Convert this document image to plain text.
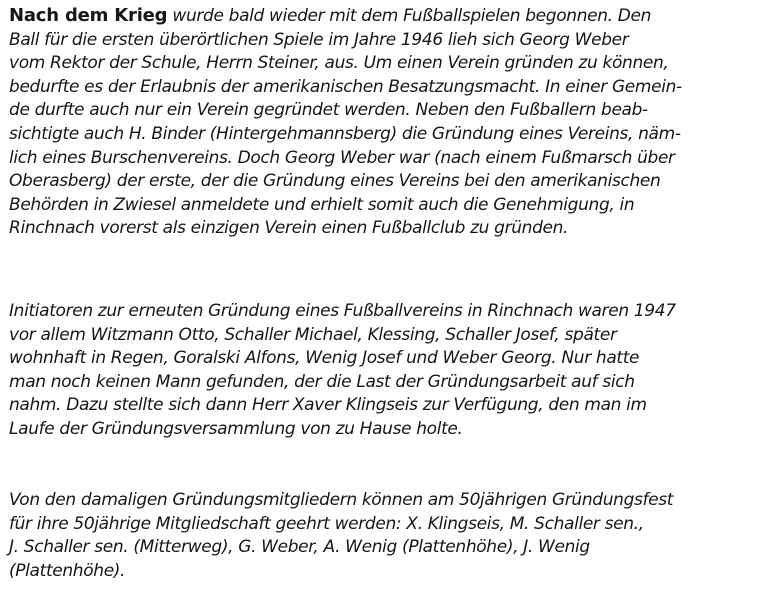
Nach dem Krieg wurde bald wieder mit dem Fußballspielen begonnen. Den
Ball für die ersten überörtlichen Spiele im Jahre 1946 lieh sich Georg Weber
vom Rektor der Schule, Herrn Steiner, aus. Um einen Verein gründen zu können,
bedurfte es der Erlaubnis der amerikanischen Besatzungsmacht. In einer Gemein-
de durfte auch nur ein Verein gegründet werden. Neben den Fußballern beab-
sichtigte auch H. Binder (Hintergehmannsberg) die Gründung eines Vereins, näm-
lich eines Burschenvereins. Doch Georg Weber war (nach einem Fußmarsch über
Oberasberg) der erste, der die Gründung eines Vereins bei den amerikanischen
Behörden in Zwiesel anmeldete und erhielt somit auch die Genehmigung, in
Rinchnach vorerst als einzigen Verein einen Fußballclub zu gründen.
Initiatoren zur erneuten Gründung eines Fußballvereins in Rinchnach waren 1947
vor allem Witzmann Otto, Schaller Michael, Klessing, Schaller Josef, später
wohnhaft in Regen, Goralski Alfons, Wenig Josef und Weber Georg. Nur hatte
man noch keinen Mann gefunden, der die Last der Gründungsarbeit auf sich
nahm. Dazu stellte sich dann Herr Xaver Klingseis zur Verfügung, den man im
Laufe der Gründungsversammlung von zu Hause holte.
Von den damaligen Gründungsmitgliedern können am 50jährigen Gründungsfest
für ihre 50jährige Mitgliedschaft geehrt werden: X. Klingseis, M. Schaller sen.,
J. Schaller sen. (Mitterweg), G. Weber, A. Wenig (Plattenhöhe), J. Wenig
(Plattenhöhe).
